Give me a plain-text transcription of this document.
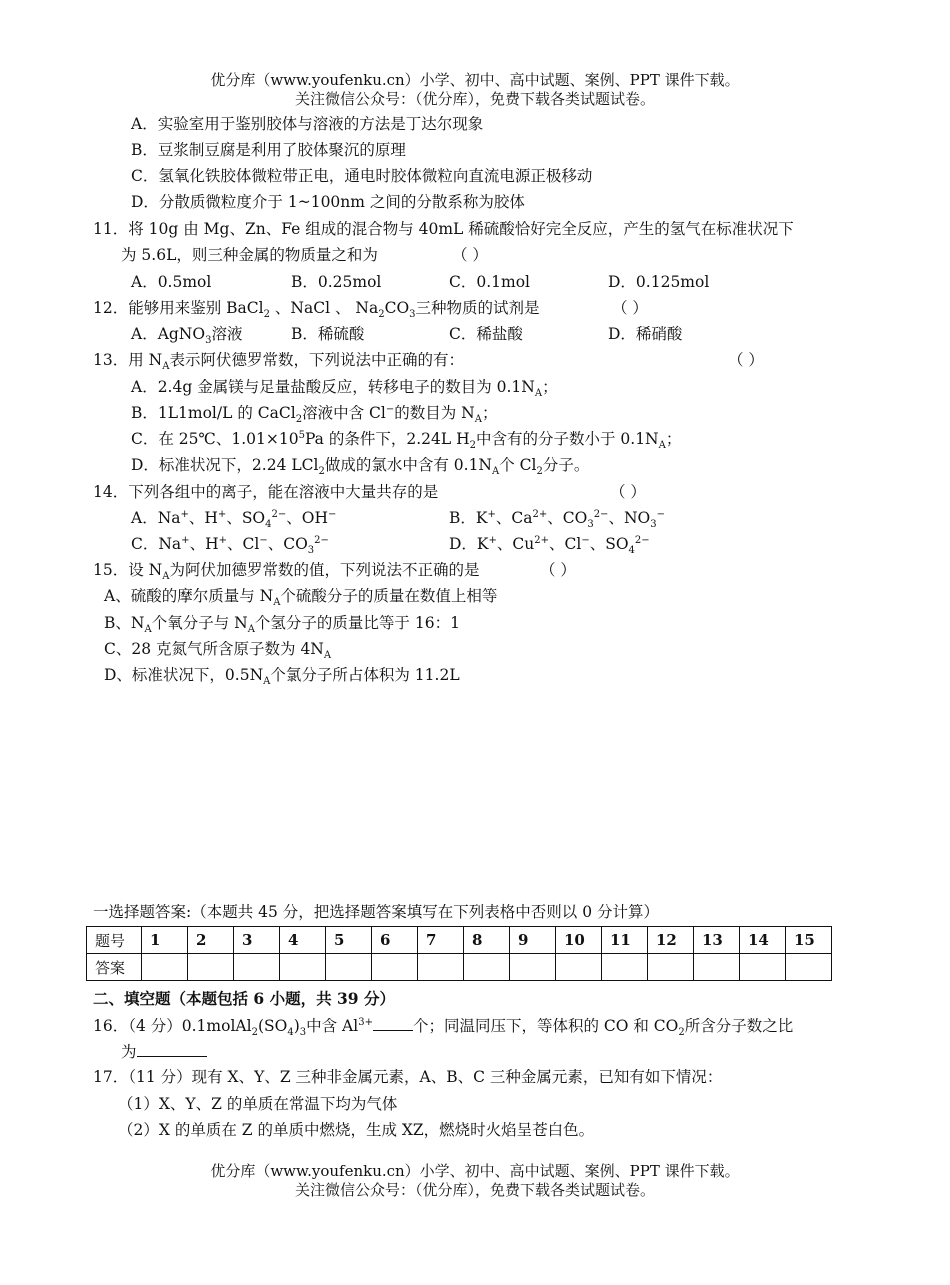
优分库（www.youfenku.cn）小学、初中、高中试题、案例、PPT 课件下载。
关注微信公众号：（优分库），免费下载各类试题试卷。
A．实验室用于鉴别胶体与溶液的方法是丁达尔现象
B．豆浆制豆腐是利用了胶体聚沉的原理
C．氢氧化铁胶体微粒带正电，通电时胶体微粒向直流电源正极移动
D．分散质微粒度介于 1~100nm 之间的分散系称为胶体
11．将 10g 由 Mg、Zn、Fe 组成的混合物与 40mL 稀硫酸恰好完全反应，产生的氢气在标准状况下
为 5.6L，则三种金属的物质量之和为	（ ）
A．0.5mol	B．0.25mol	C．0.1mol	D．0.125mol
12．能够用来鉴别 BaCl$_2$ 、NaCl 、 $Na_2CO_3$三种物质的试剂是	（ ）
A．AgNO$_3$溶液	B．稀硫酸	C．稀盐酸	D．稀硝酸
13．用 $N_A$表示阿伏德罗常数，下列说法中正确的有：	（ ）
A．2.4g 金属镁与足量盐酸反应，转移电子的数目为 $0.1N_A$；
B．1L1mol/L 的 CaCl$_2$溶液中含 Cl−的数目为 $N_A$；
C．在 25℃、$1.01\times 10^5Pa$ 的条件下，2.24L $H_2$中含有的分子数小于 $0.1N_A$；
D．标准状况下，2.24 LCl$_2$做成的氯水中含有 $0.1N_A$个 $Cl_2$分子。
14．下列各组中的离子，能在溶液中大量共存的是	（ ）
A．Na+、H+、$SO_4^{2-}$、OH−	B．K+、$Ca^{2+}$、$CO_3^{2-}$、$NO_3^-$
C．Na+、H+、Cl−、$CO_3^{2-}$	D．K+、$Cu^{2+}$、Cl−、$SO_4^{2-}$
15．设 $N_A$为阿伏加德罗常数的值，下列说法不正确的是	（ ）
A、硫酸的摩尔质量与 $N_A$个硫酸分子的质量在数值上相等
B、$N_A$个氧分子与 $N_A$个氢分子的质量比等于 16：1
C、28 克氮气所含原子数为 $4N_A$
D、标准状况下，$0.5N_A$个氯分子所占体积为 11.2L
一选择题答案:（本题共 45 分，把选择题答案填写在下列表格中否则以 0 分计算）
题号	1	2	3	4	5	6	7	8	9	10	11	12	13	14	15
答案															
二、填空题（本题包括 6 小题，共 39 分）
16．（4 分）$0.1molAl_2(SO_4)_3$中含 $Al^{3+}$	个；同温同压下，等体积的 CO 和 $CO_2$所含分子数之比
为
17．（11 分）现有 X、Y、Z 三种非金属元素，A、B、C 三种金属元素，已知有如下情况：
（1）X、Y、Z 的单质在常温下均为气体
（2）X 的单质在 Z 的单质中燃烧，生成 XZ，燃烧时火焰呈苍白色。
优分库（www.youfenku.cn）小学、初中、高中试题、案例、PPT 课件下载。
关注微信公众号：（优分库），免费下载各类试题试卷。
